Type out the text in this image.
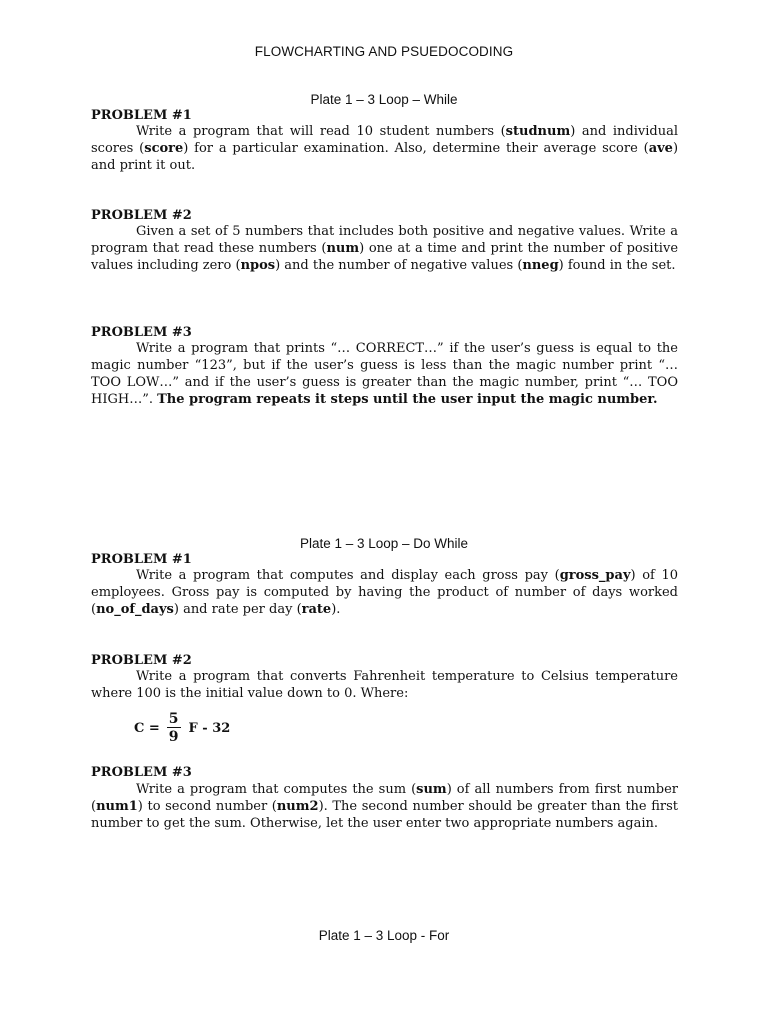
FLOWCHARTING AND PSUEDOCODING
Plate 1 – 3 Loop – While
PROBLEM #1

Write a program that will read 10 student numbers (studnum) and individual scores (score) for a particular examination. Also, determine their average score (ave) and print it out.

PROBLEM #2

Given a set of 5 numbers that includes both positive and negative values. Write a program that read these numbers (num) one at a time and print the number of positive values including zero (npos) and the number of negative values (nneg) found in the set.

PROBLEM #3

Write a program that prints “… CORRECT…” if the user’s guess is equal to the magic number “123”, but if the user’s guess is less than the magic number print “… TOO LOW…” and if the user’s guess is greater than the magic number, print “… TOO HIGH…”. The program repeats it steps until the user input the magic number.

Plate 1 – 3 Loop – Do While
PROBLEM #1

Write a program that computes and display each gross pay (gross_pay) of 10 employees. Gross pay is computed by having the product of number of days worked (no_of_days) and rate per day (rate).

PROBLEM #2

Write a program that converts Fahrenheit temperature to Celsius temperature where 100 is the initial value down to 0. Where:

$C = \frac{5}{9}$ F - 32
PROBLEM #3

Write a program that computes the sum (sum) of all numbers from first number (num1) to second number (num2). The second number should be greater than the first number to get the sum. Otherwise, let the user enter two appropriate numbers again.

Plate 1 – 3 Loop - For
